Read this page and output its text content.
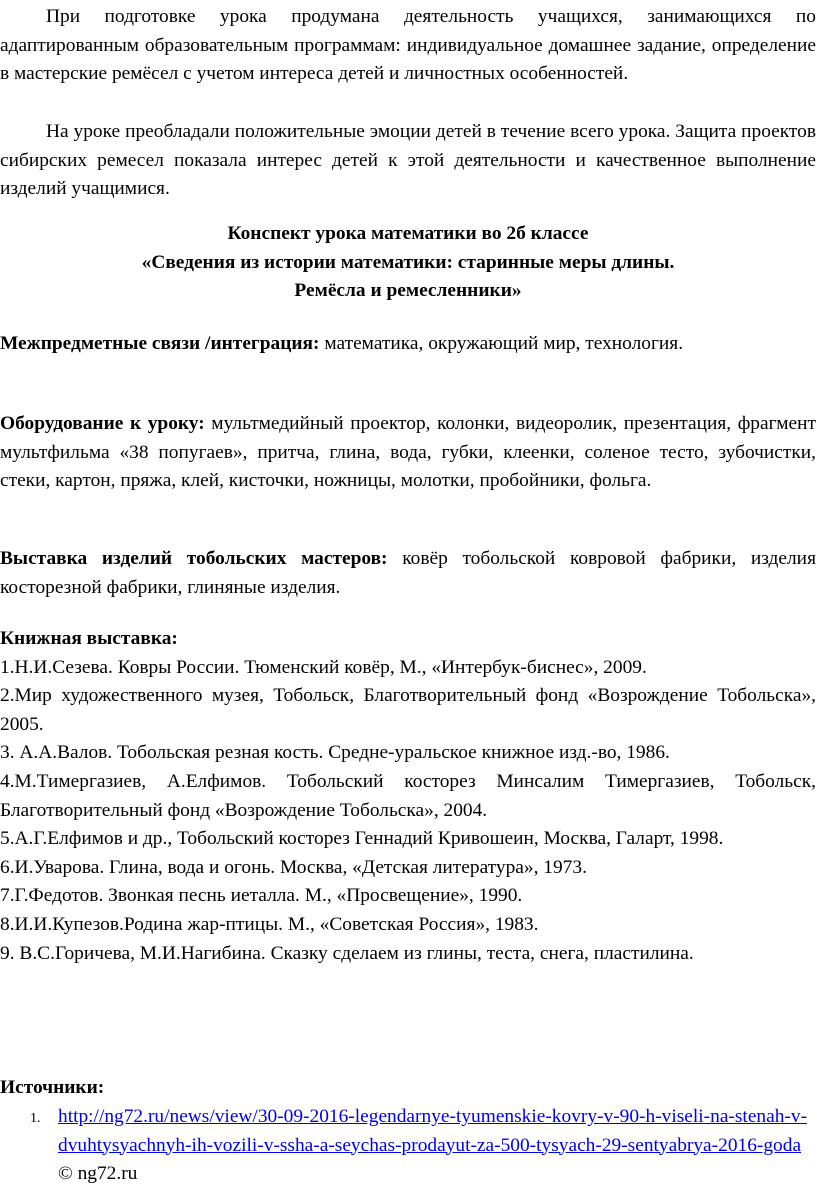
При подготовке урока продумана деятельность учащихся, занимающихся по адаптированным образовательным программам: индивидуальное домашнее задание, определение в мастерские ремёсел с учетом интереса детей и личностных особенностей.

На уроке преобладали положительные эмоции детей в течение всего урока. Защита проектов сибирских ремесел показала интерес детей к этой деятельности и качественное выполнение изделий учащимися.

Конспект урока математики во 2б классе

«Сведения из истории математики: старинные меры длины.

Ремёсла и ремесленники»

Межпредметные связи /интеграция: математика, окружающий мир, технология.

Оборудование к уроку: мультмедийный проектор, колонки, видеоролик, презентация, фрагмент мультфильма «38 попугаев», притча, глина, вода, губки, клеенки, соленое тесто, зубочистки, стеки, картон, пряжа, клей, кисточки, ножницы, молотки, пробойники, фольга.

Выставка изделий тобольских мастеров: ковёр тобольской ковровой фабрики, изделия косторезной фабрики, глиняные изделия.

Книжная выставка:

1.Н.И.Сезева. Ковры России. Тюменский ковёр, М., «Интербук-биснес», 2009.

2.Мир художественного музея, Тобольск, Благотворительный фонд «Возрождение Тобольска», 2005.

3. А.А.Валов. Тобольская резная кость. Средне-уральское книжное изд.-во, 1986.

4.М.Тимергазиев, А.Елфимов. Тобольский косторез Минсалим Тимергазиев, Тобольск, Благотворительный фонд «Возрождение Тобольска», 2004.

5.А.Г.Елфимов и др., Тобольский косторез Геннадий Кривошеин, Москва, Галарт, 1998.

6.И.Уварова. Глина, вода и огонь. Москва, «Детская литература», 1973.

7.Г.Федотов. Звонкая песнь иеталла. М., «Просвещение», 1990.

8.И.И.Купезов.Родина жар-птицы. М., «Советская Россия», 1983.

9. В.С.Горичева, М.И.Нагибина. Сказку сделаем из глины, теста, снега, пластилина.

Источники:

1. http://ng72.ru/news/view/30-09-2016-legendarnye-tyumenskie-kovry-v-90-h-viseli-na-stenah-v-dvuhtysyachnyh-ih-vozili-v-ssha-a-seychas-prodayut-za-500-tysyach-29-sentyabrya-2016-goda © ng72.ru
